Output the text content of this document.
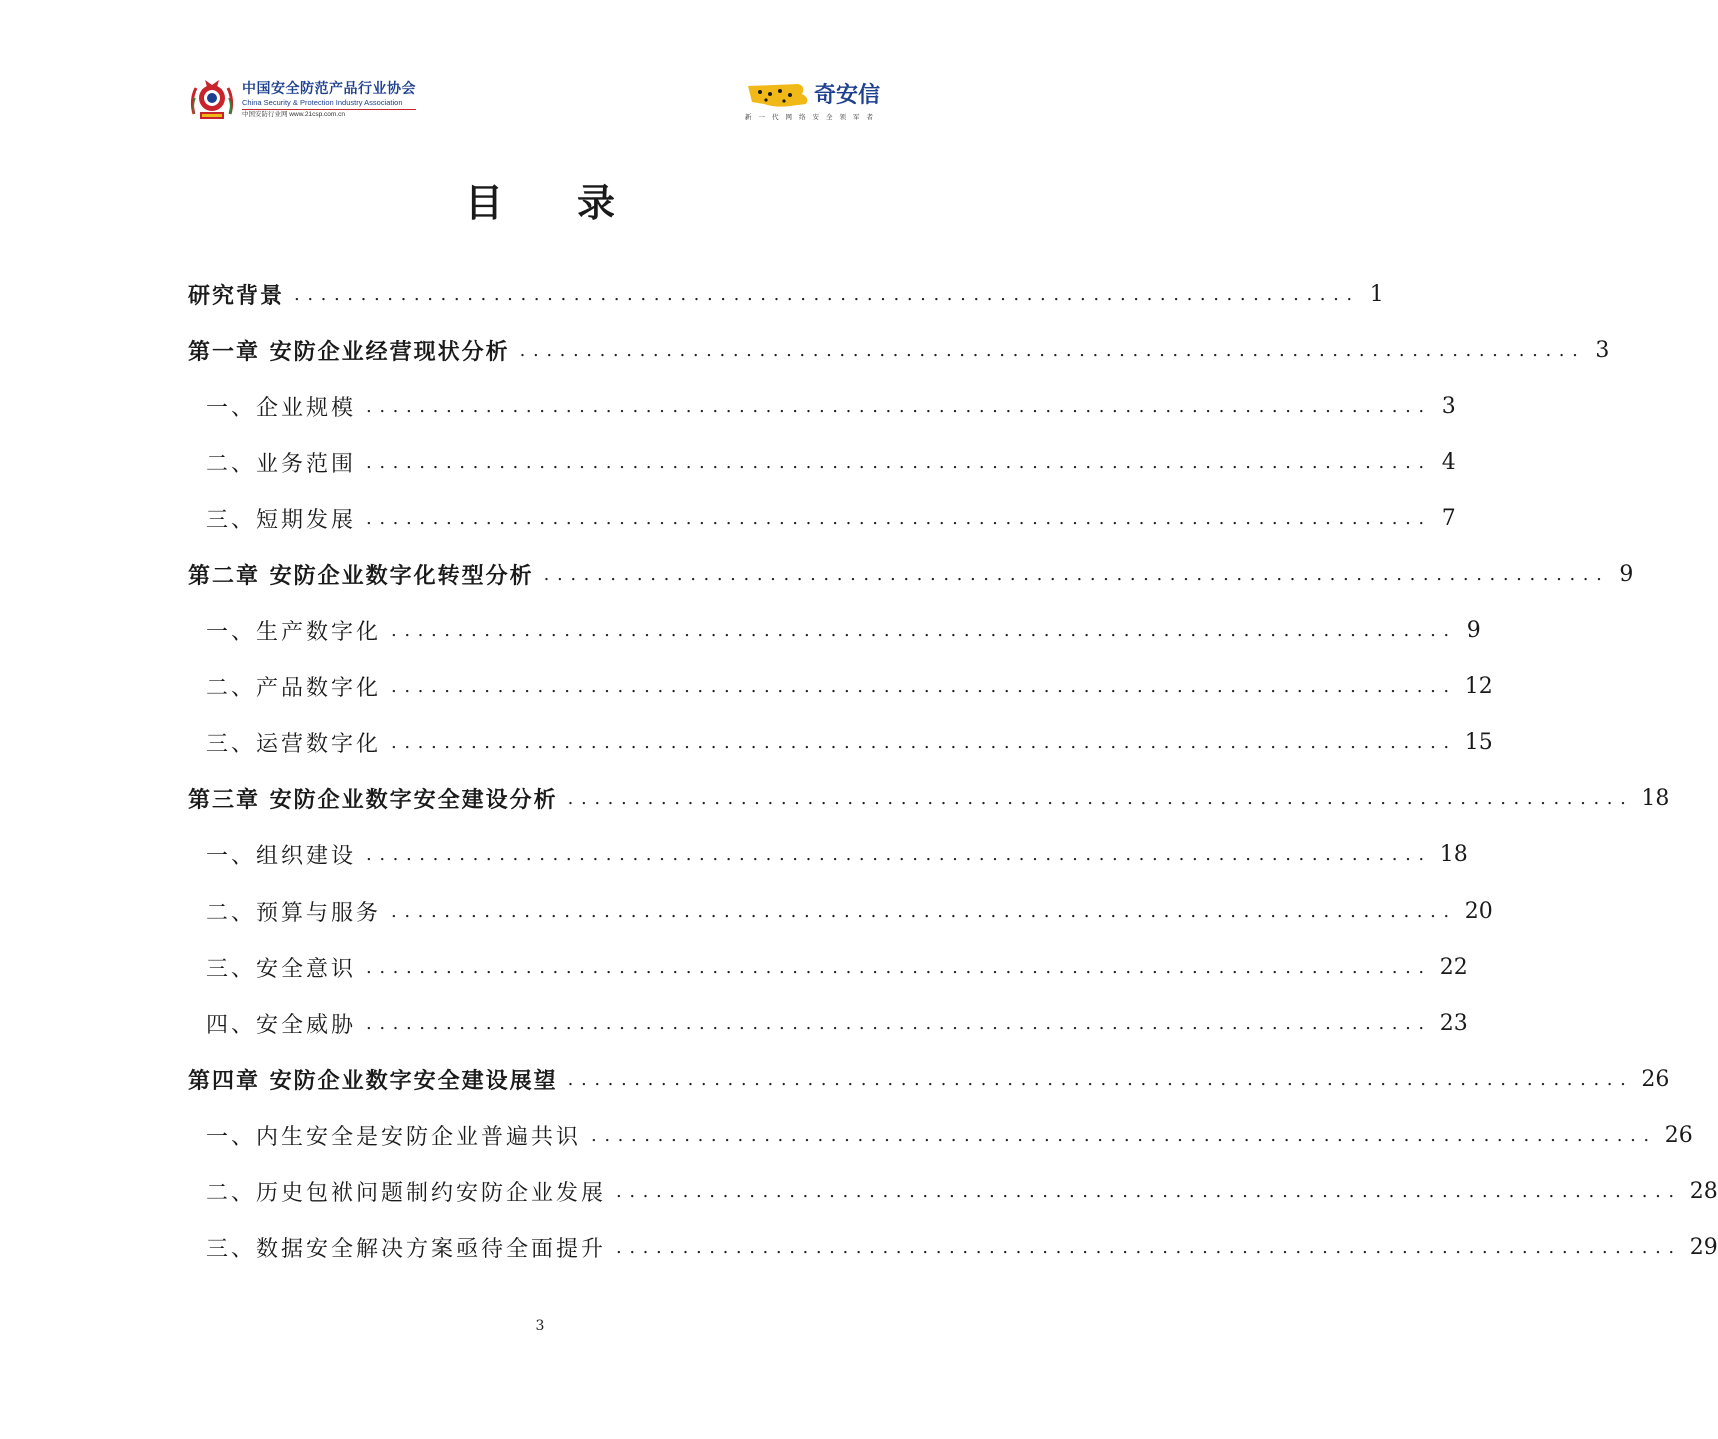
中国安全防范产品行业协会
China Security & Protection Industry Association
中国安防行业网 www.21csp.com.cn
奇安信
新一代网络安全领军者
目 录
研究背景 ................................................................................ 1
第一章 安防企业经营现状分析 ................................................................................ 3
一、企业规模 ................................................................................ 3
二、业务范围 ................................................................................ 4
三、短期发展 ................................................................................ 7
第二章 安防企业数字化转型分析 ................................................................................ 9
一、生产数字化 ................................................................................ 9
二、产品数字化 ................................................................................ 12
三、运营数字化 ................................................................................ 15
第三章 安防企业数字安全建设分析 ................................................................................ 18
一、组织建设 ................................................................................ 18
二、预算与服务 ................................................................................ 20
三、安全意识 ................................................................................ 22
四、安全威胁 ................................................................................ 23
第四章 安防企业数字安全建设展望 ................................................................................ 26
一、内生安全是安防企业普遍共识 ................................................................................ 26
二、历史包袱问题制约安防企业发展 ................................................................................ 28
三、数据安全解决方案亟待全面提升 ................................................................................ 29
3
